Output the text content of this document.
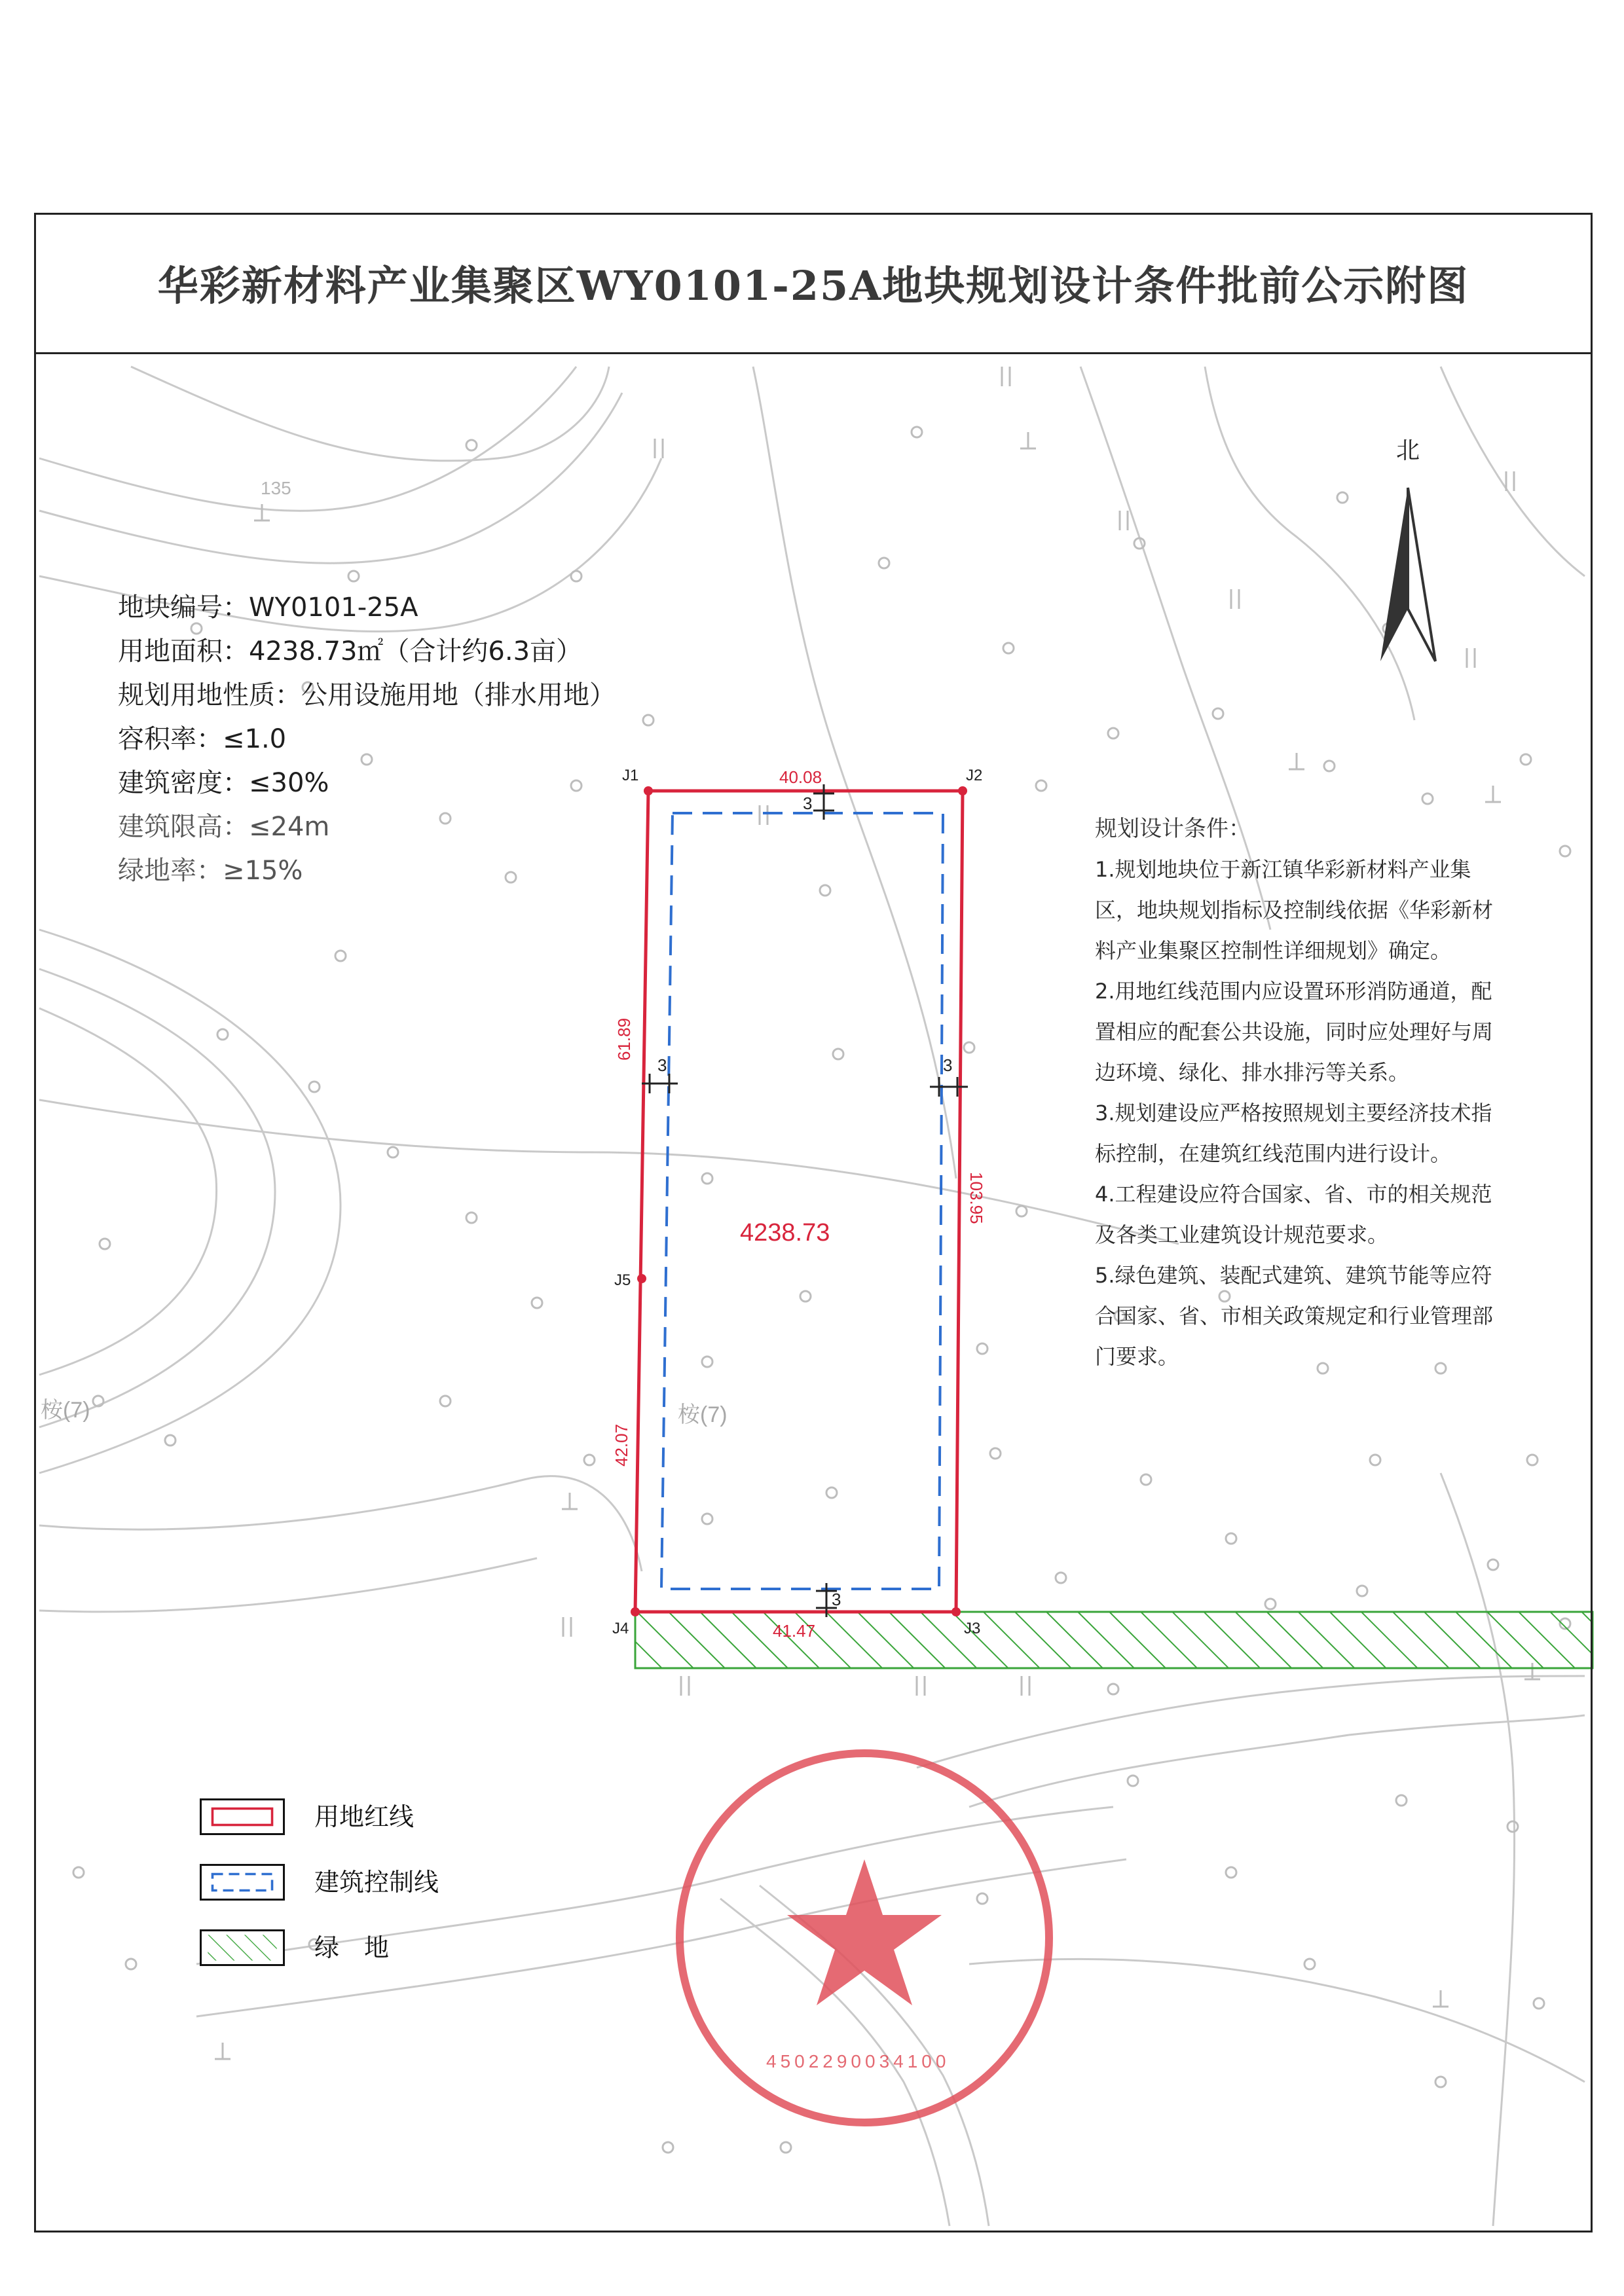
135
桉(7)	桉(7)
J1	J2
J3
J4
J5
40.08
41.47
61.89
42.07
103.95
3
3	3
3
4238.73
北
4502290034100
华彩新材料产业集聚区WY0101-25A地块规划设计条件批前公示附图
地块编号：WY0101-25A
用地面积：4238.73㎡（合计约6.3亩）
规划用地性质：公用设施用地（排水用地）
容积率：≤1.0
建筑密度：≤30%
建筑限高：≤24m
绿地率：≥15%
规划设计条件：
1.规划地块位于新江镇华彩新材料产业集
区，地块规划指标及控制线依据《华彩新材
料产业集聚区控制性详细规划》确定。
2.用地红线范围内应设置环形消防通道，配
置相应的配套公共设施，同时应处理好与周
边环境、绿化、排水排污等关系。
3.规划建设应严格按照规划主要经济技术指
标控制，在建筑红线范围内进行设计。
4.工程建设应符合国家、省、市的相关规范
及各类工业建筑设计规范要求。
5.绿色建筑、装配式建筑、建筑节能等应符
合国家、省、市相关政策规定和行业管理部
门要求。
用地红线
建筑控制线
绿　地
